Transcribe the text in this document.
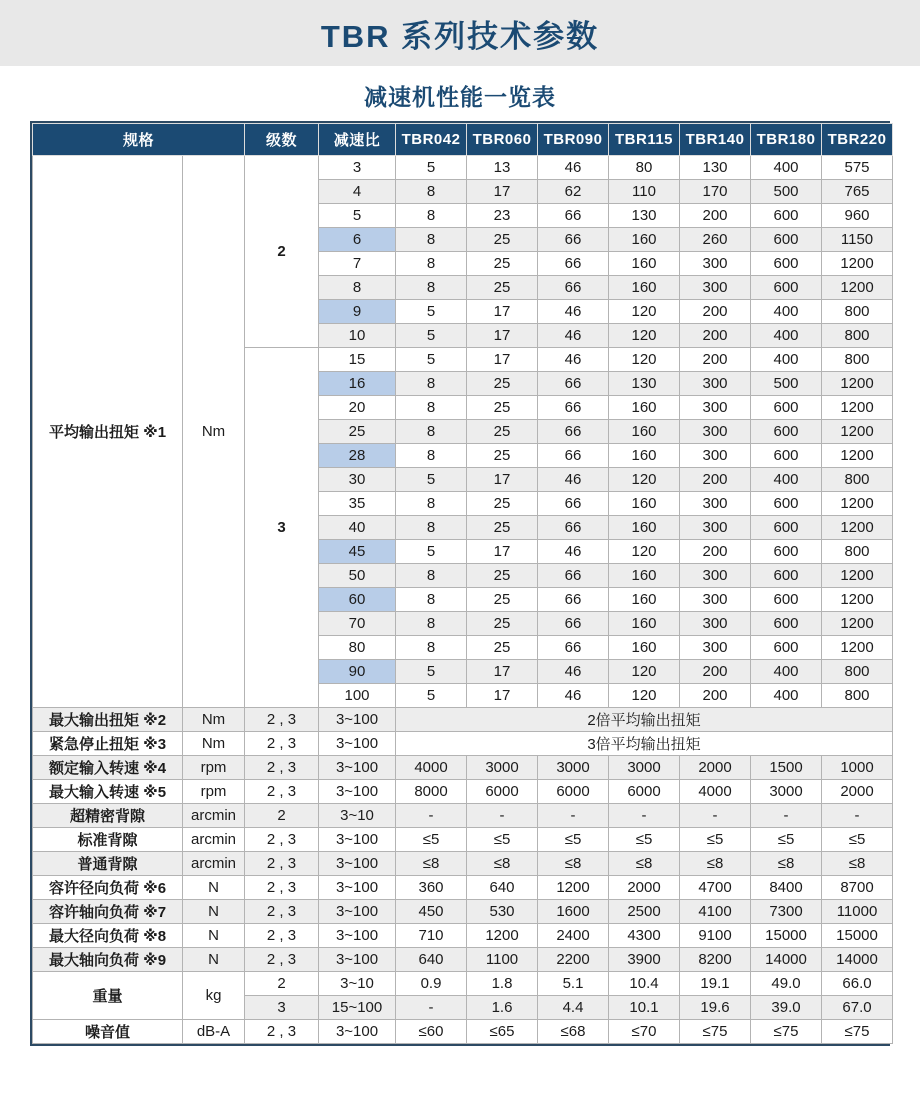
TBR 系列技术参数
减速机性能一览表
规格		级数	减速比	TBR042	TBR060	TBR090	TBR115	TBR140	TBR180	TBR220
平均输出扭矩 ※1	Nm	2	3	5	13	46	80	130	400	575
			4	8	17	62	110	170	500	765
			5	8	23	66	130	200	600	960
			6	8	25	66	160	260	600	1150
			7	8	25	66	160	300	600	1200
			8	8	25	66	160	300	600	1200
			9	5	17	46	120	200	400	800
			10	5	17	46	120	200	400	800
		3	15	5	17	46	120	200	400	800
			16	8	25	66	130	300	500	1200
			20	8	25	66	160	300	600	1200
			25	8	25	66	160	300	600	1200
			28	8	25	66	160	300	600	1200
			30	5	17	46	120	200	400	800
			35	8	25	66	160	300	600	1200
			40	8	25	66	160	300	600	1200
			45	5	17	46	120	200	600	800
			50	8	25	66	160	300	600	1200
			60	8	25	66	160	300	600	1200
			70	8	25	66	160	300	600	1200
			80	8	25	66	160	300	600	1200
			90	5	17	46	120	200	400	800
			100	5	17	46	120	200	400	800
最大输出扭矩 ※2	Nm	2 , 3	3~100	2倍平均输出扭矩						
紧急停止扭矩 ※3	Nm	2 , 3	3~100	3倍平均输出扭矩						
额定输入转速 ※4	rpm	2 , 3	3~100	4000	3000	3000	3000	2000	1500	1000
最大输入转速 ※5	rpm	2 , 3	3~100	8000	6000	6000	6000	4000	3000	2000
超精密背隙	arcmin	2	3~10	-	-	-	-	-	-	-
标准背隙	arcmin	2 , 3	3~100	≤5	≤5	≤5	≤5	≤5	≤5	≤5
普通背隙	arcmin	2 , 3	3~100	≤8	≤8	≤8	≤8	≤8	≤8	≤8
容许径向负荷 ※6	N	2 , 3	3~100	360	640	1200	2000	4700	8400	8700
容许轴向负荷 ※7	N	2 , 3	3~100	450	530	1600	2500	4100	7300	11000
最大径向负荷 ※8	N	2 , 3	3~100	710	1200	2400	4300	9100	15000	15000
最大轴向负荷 ※9	N	2 , 3	3~100	640	1100	2200	3900	8200	14000	14000
重量	kg	2	3~10	0.9	1.8	5.1	10.4	19.1	49.0	66.0
		3	15~100	-	1.6	4.4	10.1	19.6	39.0	67.0
噪音值	dB-A	2 , 3	3~100	≤60	≤65	≤68	≤70	≤75	≤75	≤75
